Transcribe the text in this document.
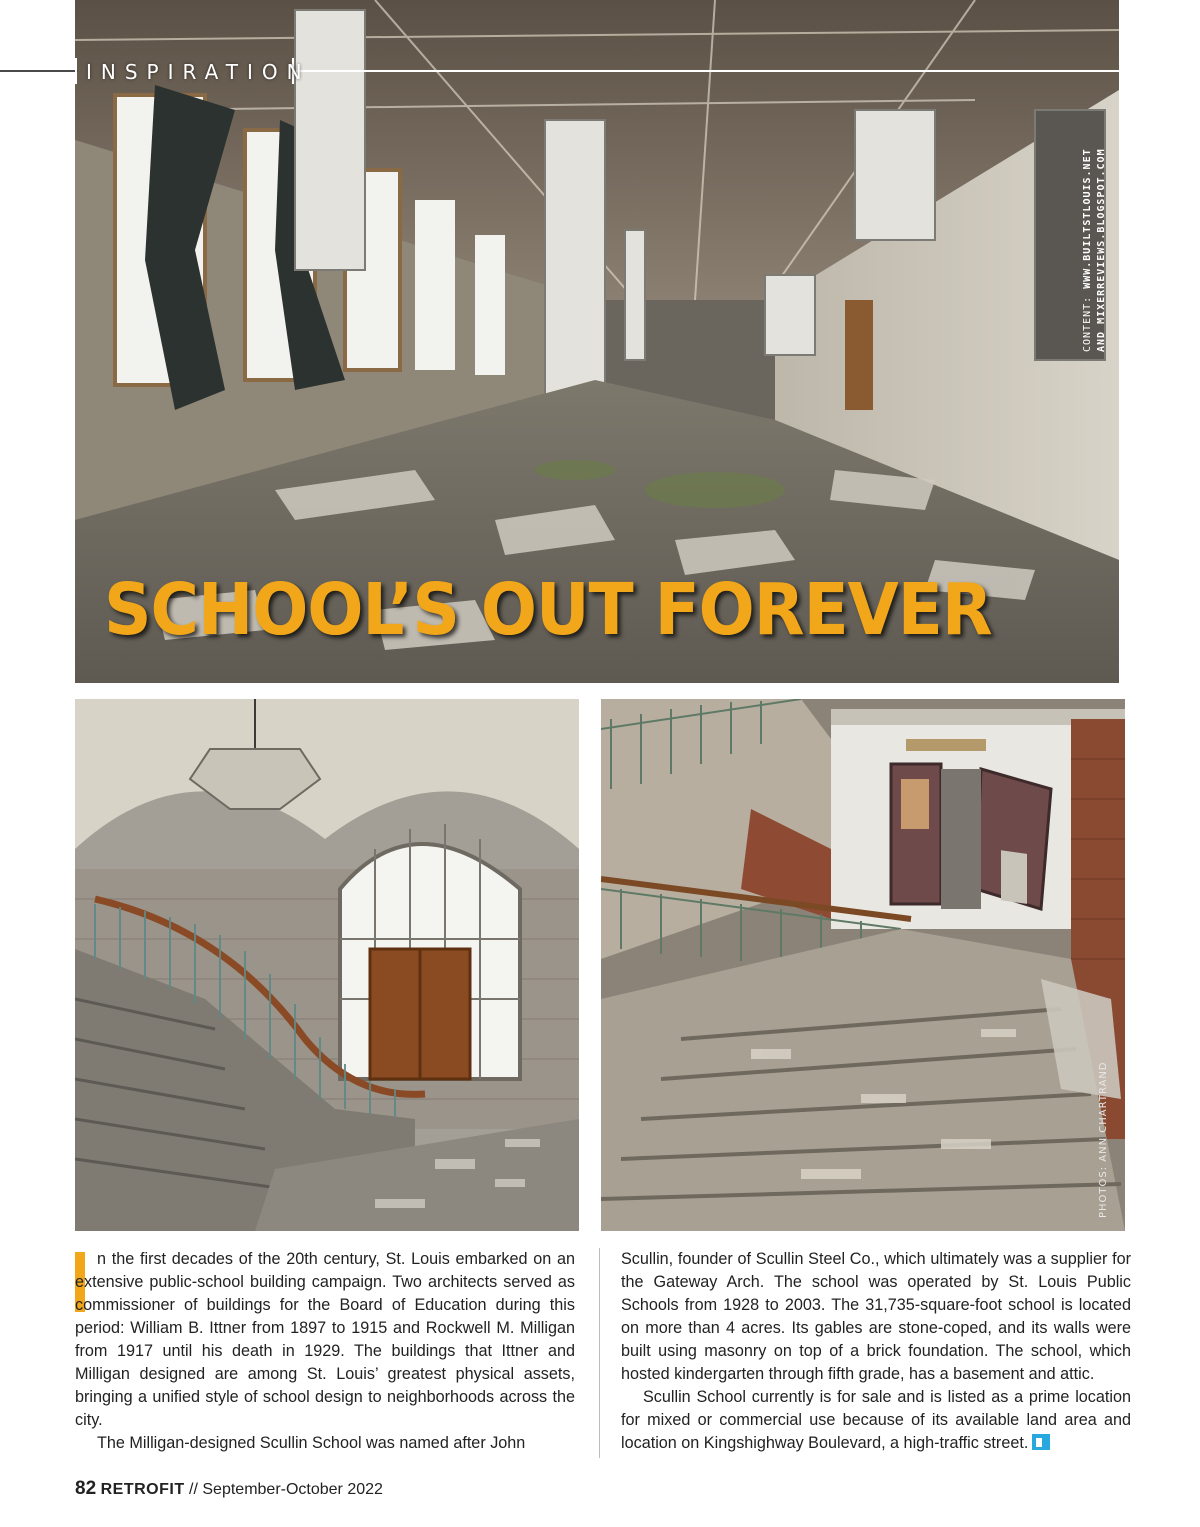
INSPIRATION
SCHOOL’S OUT FOREVER
CONTENT: WWW.BUILTSTLOUIS.NET AND MIXERREVIEWS.BLOGSPOT.COM
PHOTOS: ANN CHARTRAND

n the first decades of the 20th century, St. Louis embarked on an extensive public-school building campaign. Two architects served as commissioner of buildings for the Board of Education during this period: William B. Ittner from 1897 to 1915 and Rockwell M. Milligan from 1917 until his death in 1929. The buildings that Ittner and Milligan designed are among St. Louis’ greatest physical assets, bringing a unified style of school design to neighborhoods across the city.

The Milligan-designed Scullin School was named after John

Scullin, founder of Scullin Steel Co., which ultimately was a supplier for the Gateway Arch. The school was operated by St. Louis Public Schools from 1928 to 2003. The 31,735-square-foot school is located on more than 4 acres. Its gables are stone-coped, and its walls were built using masonry on top of a brick foundation. The school, which hosted kindergarten through fifth grade, has a basement and attic.

Scullin School currently is for sale and is listed as a prime location for mixed or commercial use because of its available land area and location on Kingshighway Boulevard, a high-traffic street.

82 RETROFIT // September-October 2022
